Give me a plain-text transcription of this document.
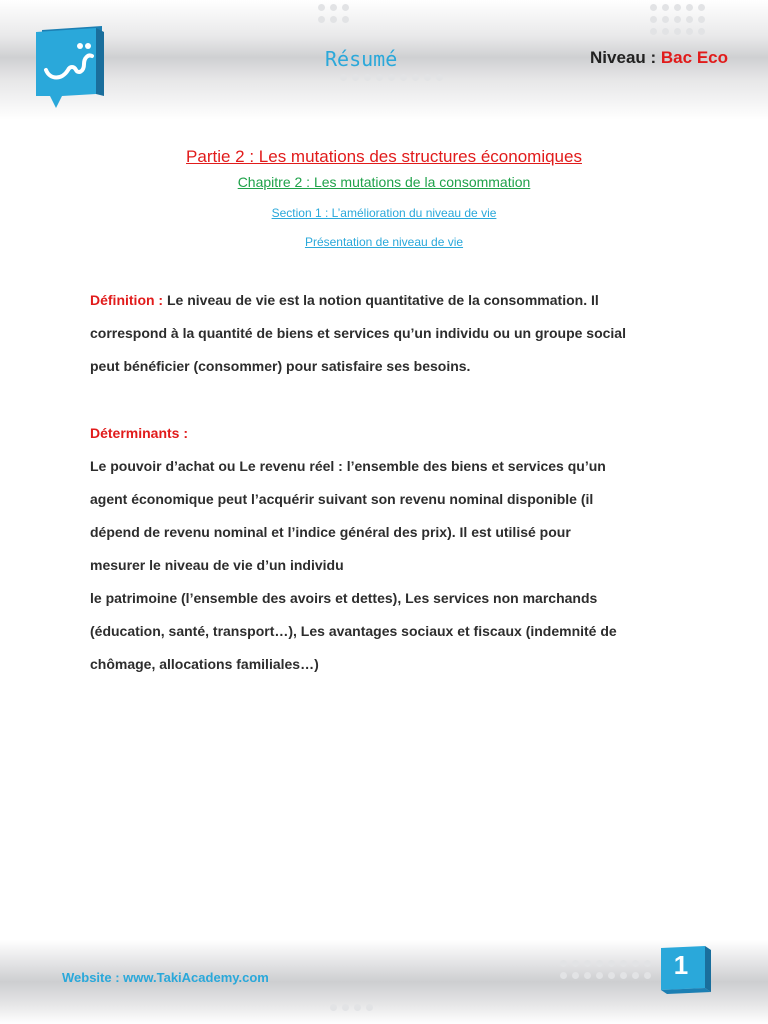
Résumé	Niveau : Bac Eco
Partie 2 : Les mutations des structures économiques
Chapitre 2 : Les mutations de la consommation
Section 1 : L’amélioration du niveau de vie
Présentation de niveau de vie
Définition : Le niveau de vie est la notion quantitative de la consommation. Il
correspond à la quantité de biens et services qu’un individu ou un groupe social
peut bénéficier (consommer) pour satisfaire ses besoins.
Déterminants :
Le pouvoir d’achat ou Le revenu réel : l’ensemble des biens et services qu’un
agent économique peut l’acquérir suivant son revenu nominal disponible (il
dépend de revenu nominal et l’indice général des prix). Il est utilisé pour
mesurer le niveau de vie d’un individu
le patrimoine (l’ensemble des avoirs et dettes), Les services non marchands
(éducation, santé, transport…), Les avantages sociaux et fiscaux (indemnité de
chômage, allocations familiales…)
Website : www.TakiAcademy.com	1
